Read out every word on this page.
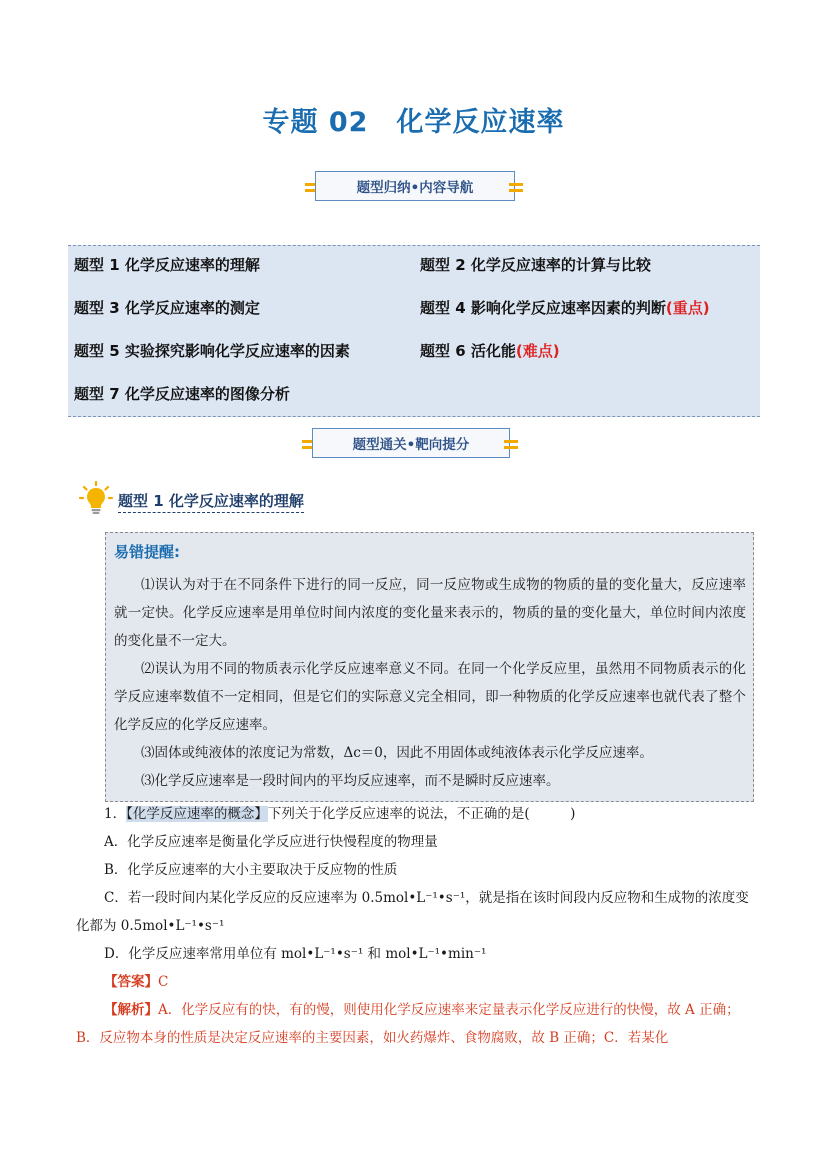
专题 02　化学反应速率
题型归纳•内容导航
题型 1 化学反应速率的理解	题型 2 化学反应速率的计算与比较
题型 3 化学反应速率的测定	题型 4 影响化学反应速率因素的判断(重点)
题型 5 实验探究影响化学反应速率的因素	题型 6 活化能(难点)
题型 7 化学反应速率的图像分析
题型通关•靶向提分
题型 1 化学反应速率的理解
易错提醒:
⑴误认为对于在不同条件下进行的同一反应，同一反应物或生成物的物质的量的变化量大，反应速率就一定快。化学反应速率是用单位时间内浓度的变化量来表示的，物质的量的变化量大，单位时间内浓度的变化量不一定大。
⑵误认为用不同的物质表示化学反应速率意义不同。在同一个化学反应里，虽然用不同物质表示的化学反应速率数值不一定相同，但是它们的实际意义完全相同，即一种物质的化学反应速率也就代表了整个化学反应的化学反应速率。
⑶固体或纯液体的浓度记为常数，Δc＝0，因此不用固体或纯液体表示化学反应速率。
⑶化学反应速率是一段时间内的平均反应速率，而不是瞬时反应速率。
1．【化学反应速率的概念】下列关于化学反应速率的说法，不正确的是(　　　)
A．化学反应速率是衡量化学反应进行快慢程度的物理量
B．化学反应速率的大小主要取决于反应物的性质
C．若一段时间内某化学反应的反应速率为 0.5mol•L⁻¹•s⁻¹，就是指在该时间段内反应物和生成物的浓度变化都为 0.5mol•L⁻¹•s⁻¹
D．化学反应速率常用单位有 mol•L⁻¹•s⁻¹ 和 mol•L⁻¹•min⁻¹
【答案】C
【解析】A．化学反应有的快，有的慢，则使用化学反应速率来定量表示化学反应进行的快慢，故 A 正确；B．反应物本身的性质是决定反应速率的主要因素，如火药爆炸、食物腐败，故 B 正确；C．若某化
